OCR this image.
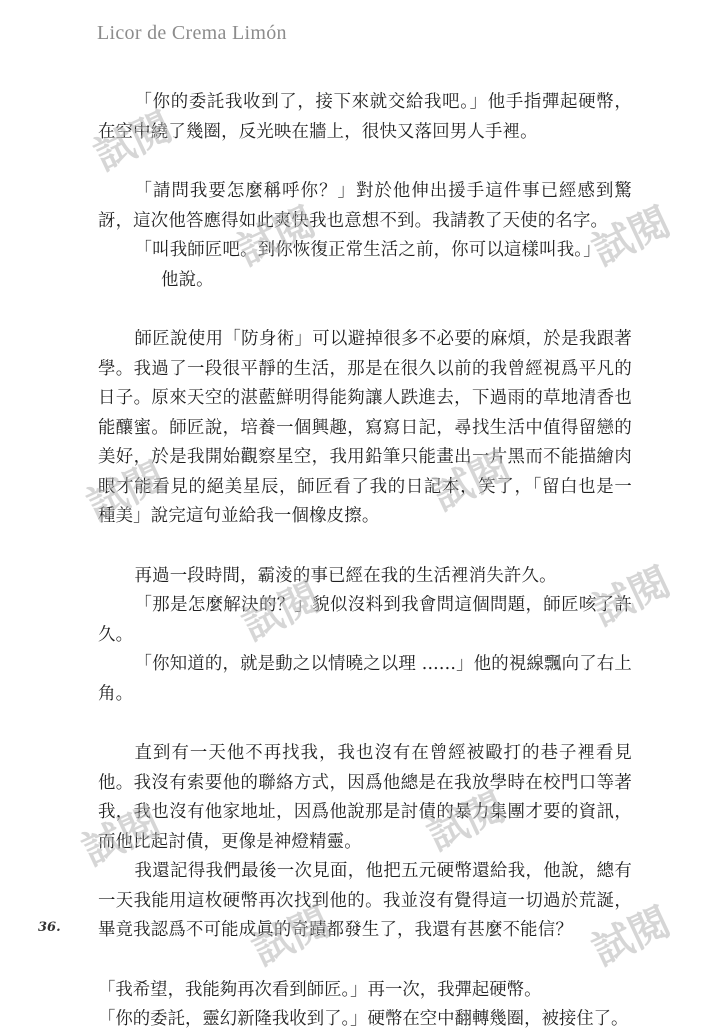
Licor de Crema Limón

「你的委託我收到了，接下來就交給我吧。」他手指彈起硬幣，在空中繞了幾圈，反光映在牆上，很快又落回男人手裡。

「請問我要怎麼稱呼你？」對於他伸出援手這件事已經感到驚訝，這次他答應得如此爽快我也意想不到。我請教了天使的名字。

「叫我師匠吧。到你恢復正常生活之前，你可以這樣叫我。」

他說。

師匠說使用「防身術」可以避掉很多不必要的麻煩，於是我跟著學。我過了一段很平靜的生活，那是在很久以前的我曾經視爲平凡的日子。原來天空的湛藍鮮明得能夠讓人跌進去，下過雨的草地清香也能釀蜜。師匠說，培養一個興趣，寫寫日記，尋找生活中值得留戀的美好，於是我開始觀察星空，我用鉛筆只能畫出一片黑而不能描繪肉眼才能看見的絕美星辰，師匠看了我的日記本，笑了，「留白也是一種美」說完這句並給我一個橡皮擦。

再過一段時間，霸淩的事已經在我的生活裡消失許久。

「那是怎麼解決的？」貌似沒料到我會問這個問題，師匠咳了許久。

「你知道的，就是動之以情曉之以理 ......」他的視線飄向了右上角。

直到有一天他不再找我，我也沒有在曾經被毆打的巷子裡看見他。我沒有索要他的聯絡方式，因爲他總是在我放學時在校門口等著我，我也沒有他家地址，因爲他說那是討債的暴力集團才要的資訊，而他比起討債，更像是神燈精靈。

我還記得我們最後一次見面，他把五元硬幣還給我，他說，總有一天我能用這枚硬幣再次找到他的。我並沒有覺得這一切過於荒誕，畢竟我認爲不可能成眞的奇蹟都發生了，我還有甚麼不能信？

「我希望，我能夠再次看到師匠。」再一次，我彈起硬幣。

「你的委託，靈幻新隆我收到了。」硬幣在空中翻轉幾圈，被接住了。

36.
試閱
試閱	試閱
試閱	試閱
試閱	試閱
試閱	試閱
試閱	試閱
